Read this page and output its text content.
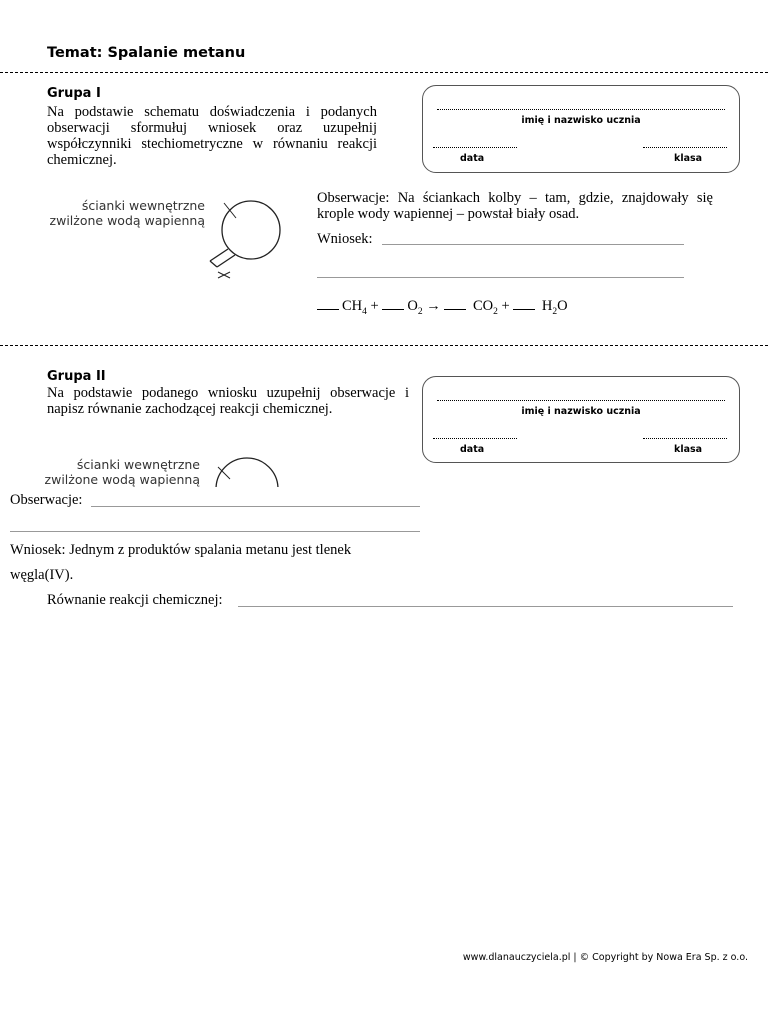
Temat: Spalanie metanu
Grupa I
Na podstawie schematu doświadczenia i podanych obserwacji sformułuj wniosek oraz uzupełnij współczynniki stechiometryczne w równaniu reakcji chemicznej.
imię i nazwisko ucznia
data	klasa
ścianki wewnętrzne
zwilżone wodą wapienną
Obserwacje: Na ściankach kolby – tam, gdzie, znajdowały się krople wody wapiennej – powstał biały osad.
Wniosek:
$CH_4 + O_2 \to CO_2 + H_2O$
Grupa II
Na podstawie podanego wniosku uzupełnij obserwacje i napisz równanie zachodzącej reakcji chemicznej.	imię i nazwisko ucznia
data	klasa
ścianki wewnętrzne
zwilżone wodą wapienną
Obserwacje:
Wniosek: Jednym z produktów spalania metanu jest tlenek
węgla(IV).
Równanie reakcji chemicznej:
www.dlanauczyciela.pl | © Copyright by Nowa Era Sp. z o.o.
